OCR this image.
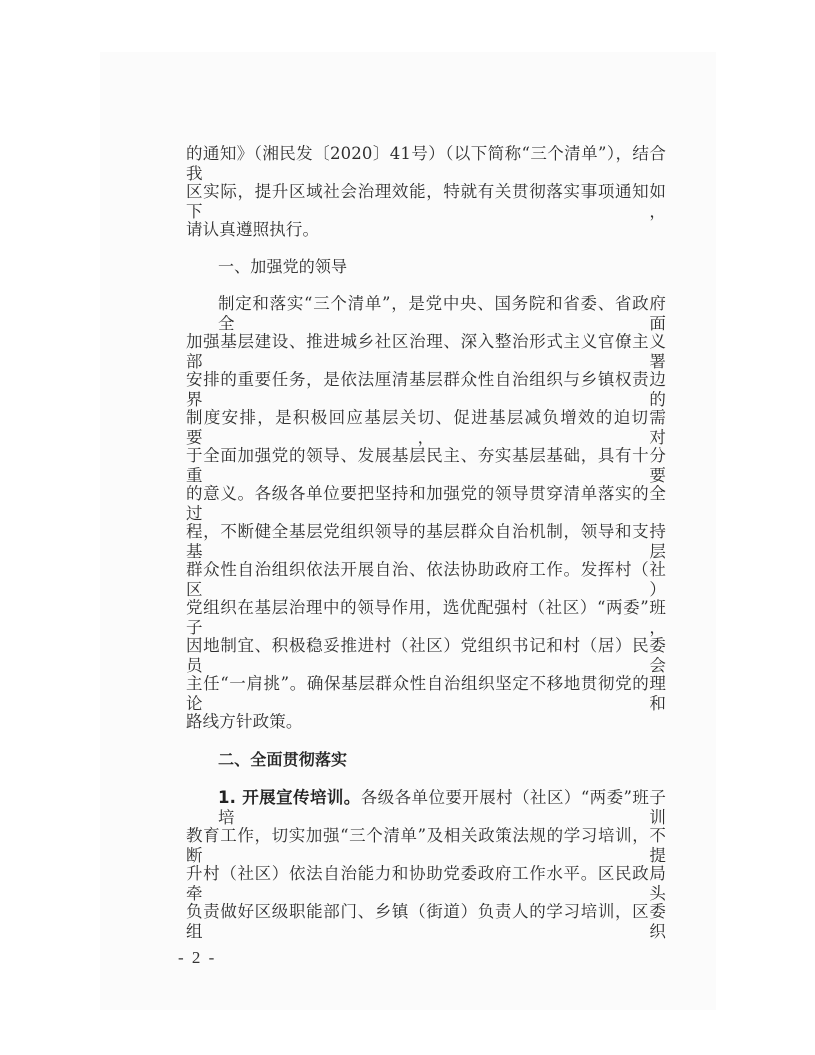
的通知》（湘民发〔2020〕41号）（以下简称“三个清单”），结合我
区实际，提升区域社会治理效能，特就有关贯彻落实事项通知如下，
请认真遵照执行。
一、加强党的领导
制定和落实“三个清单”，是党中央、国务院和省委、省政府全面
加强基层建设、推进城乡社区治理、深入整治形式主义官僚主义部署
安排的重要任务，是依法厘清基层群众性自治组织与乡镇权责边界的
制度安排，是积极回应基层关切、促进基层减负增效的迫切需要，对
于全面加强党的领导、发展基层民主、夯实基层基础，具有十分重要
的意义。各级各单位要把坚持和加强党的领导贯穿清单落实的全过
程，不断健全基层党组织领导的基层群众自治机制，领导和支持基层
群众性自治组织依法开展自治、依法协助政府工作。发挥村（社区）
党组织在基层治理中的领导作用，选优配强村（社区）“两委”班子，
因地制宜、积极稳妥推进村（社区）党组织书记和村（居）民委员会
主任“一肩挑”。确保基层群众性自治组织坚定不移地贯彻党的理论和
路线方针政策。
二、全面贯彻落实
1. 开展宣传培训。各级各单位要开展村（社区）“两委”班子培训
教育工作，切实加强“三个清单”及相关政策法规的学习培训，不断提
升村（社区）依法自治能力和协助党委政府工作水平。区民政局牵头
负责做好区级职能部门、乡镇（街道）负责人的学习培训，区委组织
- 2 -
